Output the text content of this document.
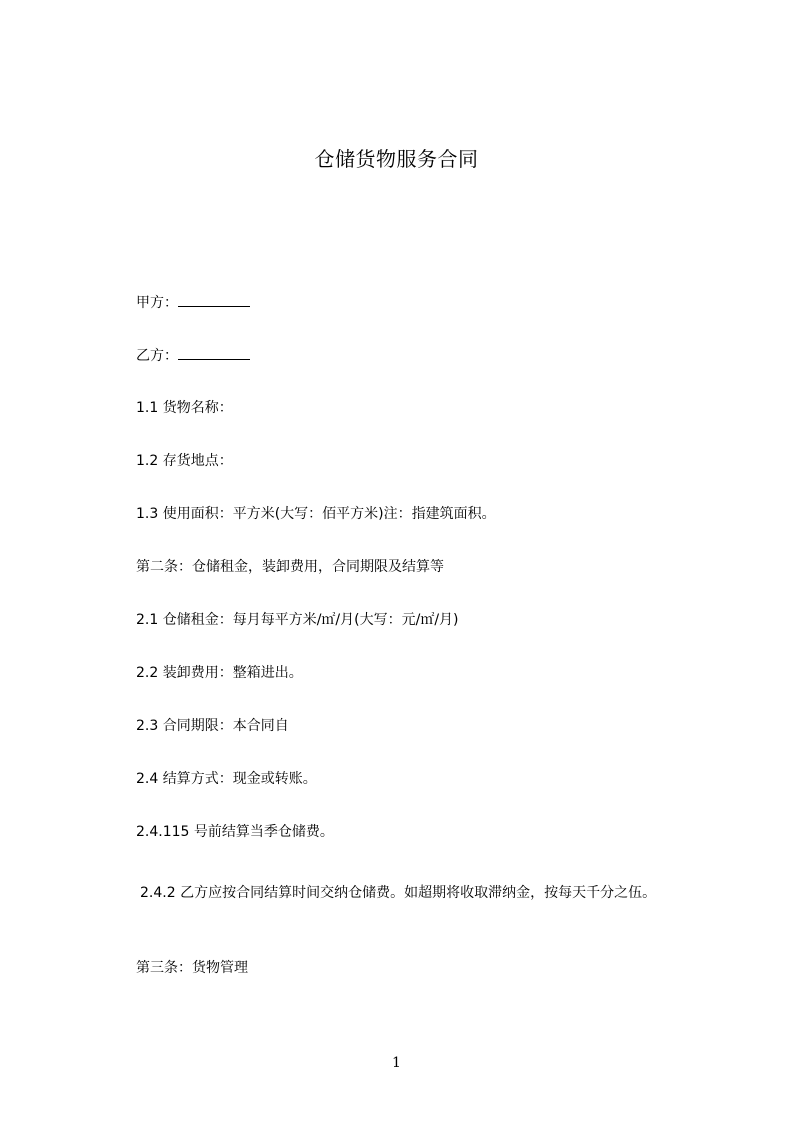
仓储货物服务合同

甲方：

乙方：

1.1 货物名称：

1.2 存货地点：

1.3 使用面积：平方米(大写：佰平方米)注：指建筑面积。

第二条：仓储租金，装卸费用，合同期限及结算等

2.1 仓储租金：每月每平方米/㎡/月(大写：元/㎡/月)

2.2 装卸费用：整箱进出。

2.3 合同期限：本合同自

2.4 结算方式：现金或转账。

2.4.115 号前结算当季仓储费。

2.4.2 乙方应按合同结算时间交纳仓储费。如超期将收取滞纳金，按每天千分之伍。

第三条：货物管理

1
